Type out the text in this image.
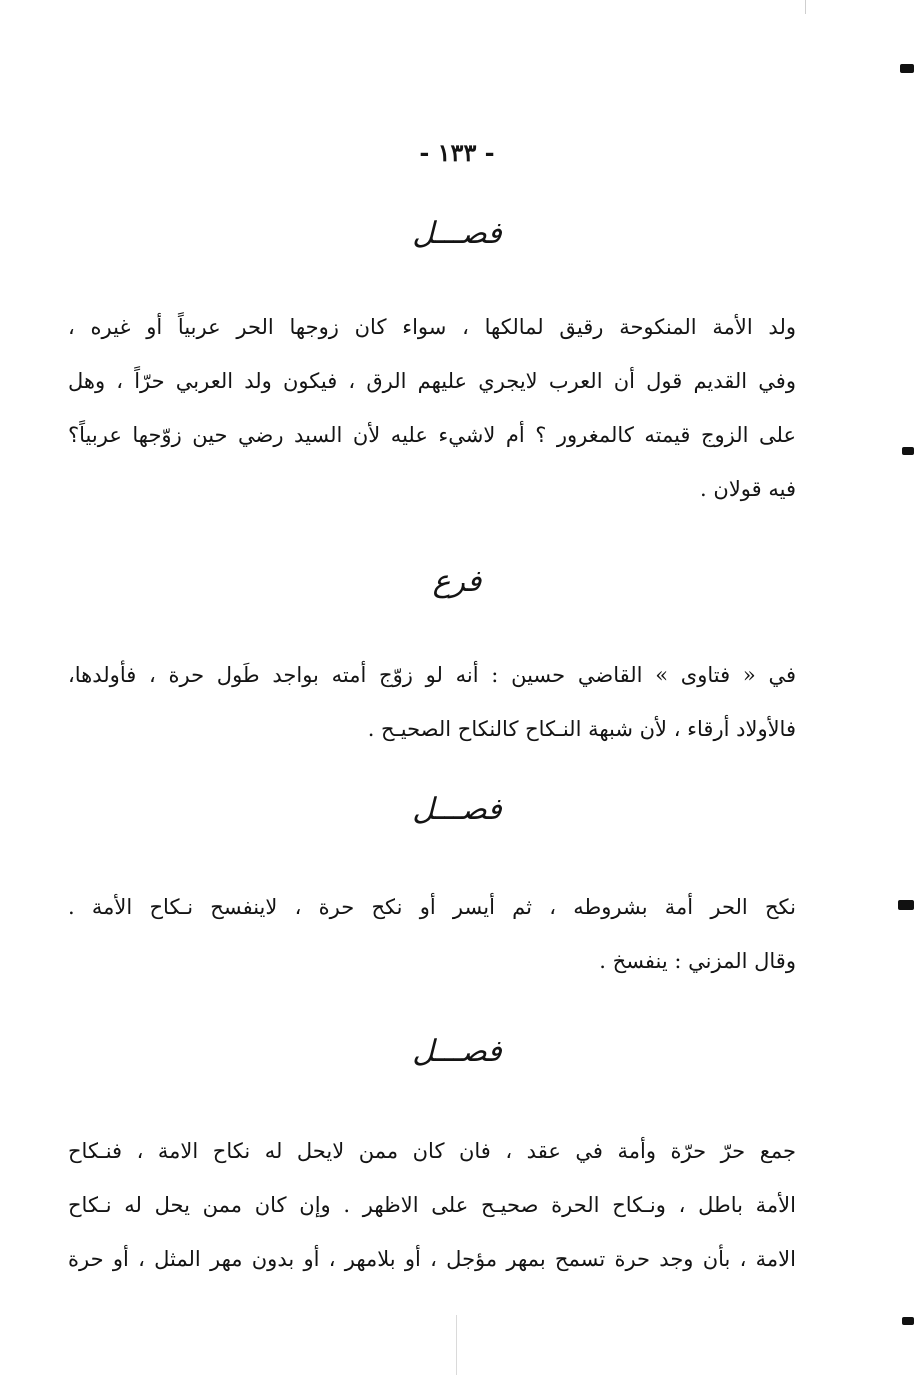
- ١٣٣ -
فصـــل
ولد الأمة المنكوحة رقيق لمالكها ، سواء كان زوجها الحر عربياً أو غيره ،
وفي القديم قول أن العرب لايجري عليهم الرق ، فيكون ولد العربي حرّاً ، وهل
على الزوج قيمته كالمغرور ؟ أم لاشيء عليه لأن السيد رضي حين زوّجها عربياً؟
فيه قولان .
فرع
في « فتاوى » القاضي حسين : أنه لو زوّج أمته بواجد طَول حرة ، فأولدها،
فالأولاد أرقاء ، لأن شبهة النـكاح كالنكاح الصحيـح .
فصـــل
نكح الحر أمة بشروطه ، ثم أيسر أو نكح حرة ، لاينفسح نـكاح الأمة .
وقال المزني : ينفسخ .
فصـــل
جمع حرّ حرّة وأمة في عقد ، فان كان ممن لايحل له نكاح الامة ، فنـكاح
الأمة باطل ، ونـكاح الحرة صحيـح على الاظهر . وإن كان ممن يحل له نـكاح
الامة ، بأن وجد حرة تسمح بمهر مؤجل ، أو بلامهر ، أو بدون مهر المثل ، أو حرة
